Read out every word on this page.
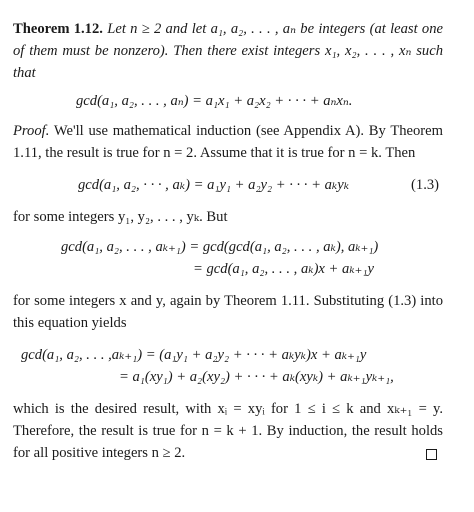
Theorem 1.12. Let n ≥ 2 and let a₁, a₂, . . . , aₙ be integers (at least one of them must be nonzero). Then there exist integers x₁, x₂, . . . , xₙ such that

gcd(a₁, a₂, . . . , aₙ) = a₁x₁ + a₂x₂ + · · · + aₙxₙ.

Proof. We'll use mathematical induction (see Appendix A). By Theorem 1.11, the result is true for n = 2. Assume that it is true for n = k. Then

gcd(a₁, a₂, · · · , aₖ) = a₁y₁ + a₂y₂ + · · · + aₖyₖ	(1.3)

for some integers y₁, y₂, . . . , yₖ. But

gcd(a₁, a₂, . . . , aₖ₊₁) = gcd(gcd(a₁, a₂, . . . , aₖ), aₖ₊₁)
= gcd(a₁, a₂, . . . , aₖ)x + aₖ₊₁y

for some integers x and y, again by Theorem 1.11. Substituting (1.3) into this equation yields

gcd(a₁, a₂, . . . ,aₖ₊₁) = (a₁y₁ + a₂y₂ + · · · + aₖyₖ)x + aₖ₊₁y
= a₁(xy₁) + a₂(xy₂) + · · · + aₖ(xyₖ) + aₖ₊₁yₖ₊₁,

which is the desired result, with xᵢ = xyᵢ for 1 ≤ i ≤ k and xₖ₊₁ = y. Therefore, the result is true for n = k + 1. By induction, the result holds for all positive integers n ≥ 2.
